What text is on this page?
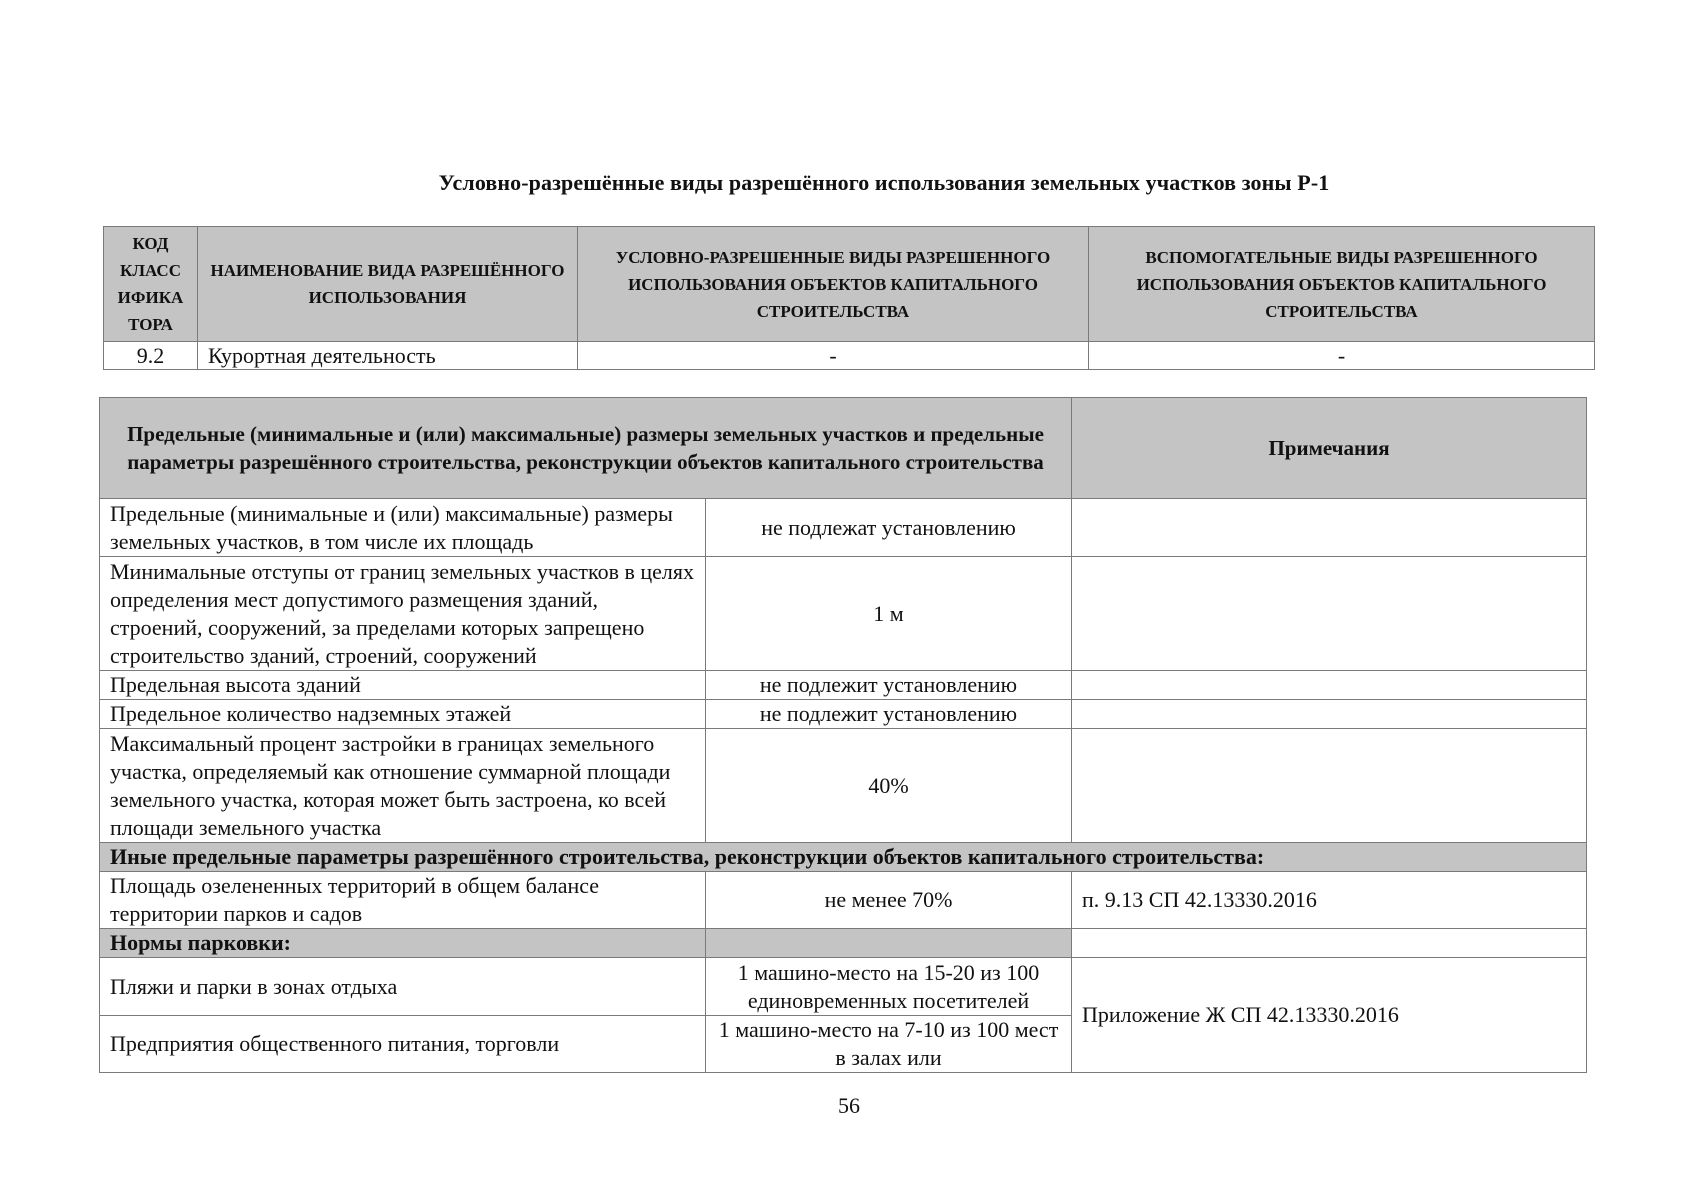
Условно-разрешённые виды разрешённого использования земельных участков зоны Р-1
КОД КЛАСС ИФИКА ТОРА	НАИМЕНОВАНИЕ ВИДА РАЗРЕШЁННОГО ИСПОЛЬЗОВАНИЯ	УСЛОВНО-РАЗРЕШЕННЫЕ ВИДЫ РАЗРЕШЕННОГО ИСПОЛЬЗОВАНИЯ ОБЪЕКТОВ КАПИТАЛЬНОГО СТРОИТЕЛЬСТВА	ВСПОМОГАТЕЛЬНЫЕ ВИДЫ РАЗРЕШЕННОГО ИСПОЛЬЗОВАНИЯ ОБЪЕКТОВ КАПИТАЛЬНОГО СТРОИТЕЛЬСТВА
9.2	Курортная деятельность	-	-
Предельные (минимальные и (или) максимальные) размеры земельных участков и предельные параметры разрешённого строительства, реконструкции объектов капитального строительства		Примечания
Предельные (минимальные и (или) максимальные) размеры земельных участков, в том числе их площадь	не подлежат установлению	
Минимальные отступы от границ земельных участков в целях определения мест допустимого размещения зданий, строений, сооружений, за пределами которых запрещено строительство зданий, строений, сооружений	1 м	
Предельная высота зданий	не подлежит установлению	
Предельное количество надземных этажей	не подлежит установлению	
Максимальный процент застройки в границах земельного участка, определяемый как отношение суммарной площади земельного участка, которая может быть застроена, ко всей площади земельного участка	40%	
Иные предельные параметры разрешённого строительства, реконструкции объектов капитального строительства:		
Площадь озелененных территорий в общем балансе территории парков и садов	не менее 70%	п. 9.13 СП 42.13330.2016
Нормы парковки:		
Пляжи и парки в зонах отдыха	1 машино-место на 15-20 из 100 единовременных посетителей	Приложение Ж СП 42.13330.2016
Предприятия общественного питания, торговли	1 машино-место на 7-10 из 100 мест в залах или	
56
